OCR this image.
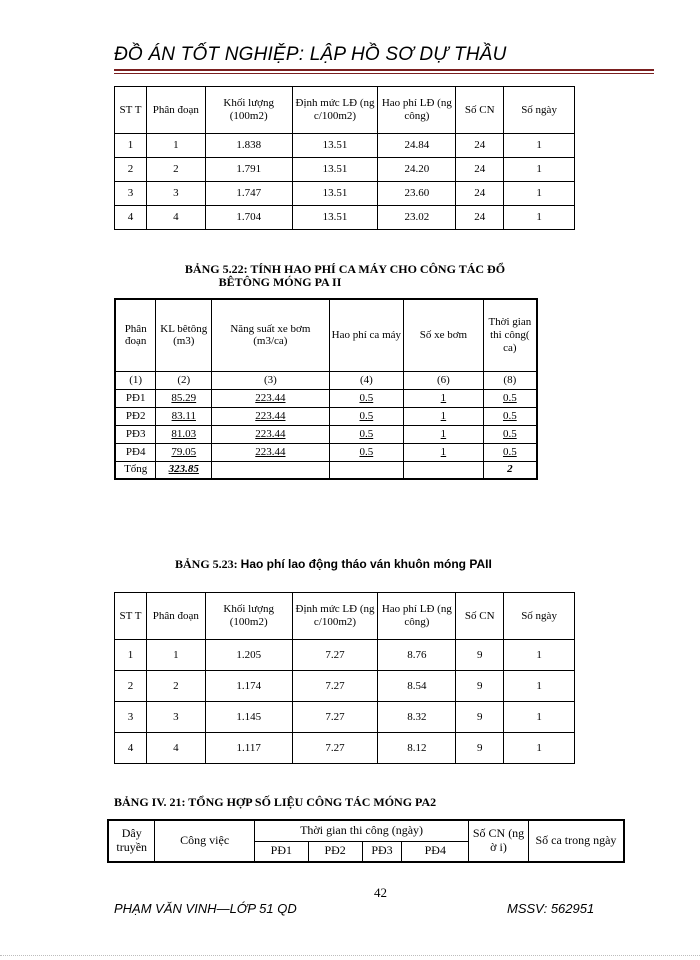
ĐỒ ÁN TỐT NGHIỆP: LẬP HỒ SƠ DỰ THẦU
ST T	Phân đoạn	Khối lượng (100m2)	Định mức LĐ (ng c/100m2)	Hao phí LĐ (ng công)	Số CN	Số ngày
1	1	1.838	13.51	24.84	24	1
2	2	1.791	13.51	24.20	24	1
3	3	1.747	13.51	23.60	24	1
4	4	1.704	13.51	23.02	24	1
BẢNG 5.22: TÍNH HAO PHÍ CA MÁY CHO CÔNG TÁC ĐỔ
BÊTÔNG MÓNG PA II
Phân đoạn	KL bêtông (m3)	Năng suất xe bơm (m3/ca)	Hao phí ca máy	Số xe bơm	Thời gian thi công( ca)
(1)	(2)	(3)	(4)	(6)	(8)
PĐ1	85.29	223.44	0.5	1	0.5
PĐ2	83.11	223.44	0.5	1	0.5
PĐ3	81.03	223.44	0.5	1	0.5
PĐ4	79.05	223.44	0.5	1	0.5
Tổng	323.85				2
BẢNG 5.23: Hao phí lao động tháo ván khuôn móng PAII
ST T	Phân đoạn	Khối lượng (100m2)	Định mức LĐ (ng c/100m2)	Hao phí LĐ (ng công)	Số CN	Số ngày
1	1	1.205	7.27	8.76	9	1
2	2	1.174	7.27	8.54	9	1
3	3	1.145	7.27	8.32	9	1
4	4	1.117	7.27	8.12	9	1
BẢNG IV. 21: TỔNG HỢP SỐ LIỆU CÔNG TÁC MÓNG PA2
Dây truyền	Công việc	Thời gian thi công (ngày)				Số CN (ng ờ i)	Số ca trong ngày
		PĐ1	PĐ2	PĐ3	PĐ4		
42
PHẠM VĂN VINH—LỚP 51 QD	MSSV: 562951
